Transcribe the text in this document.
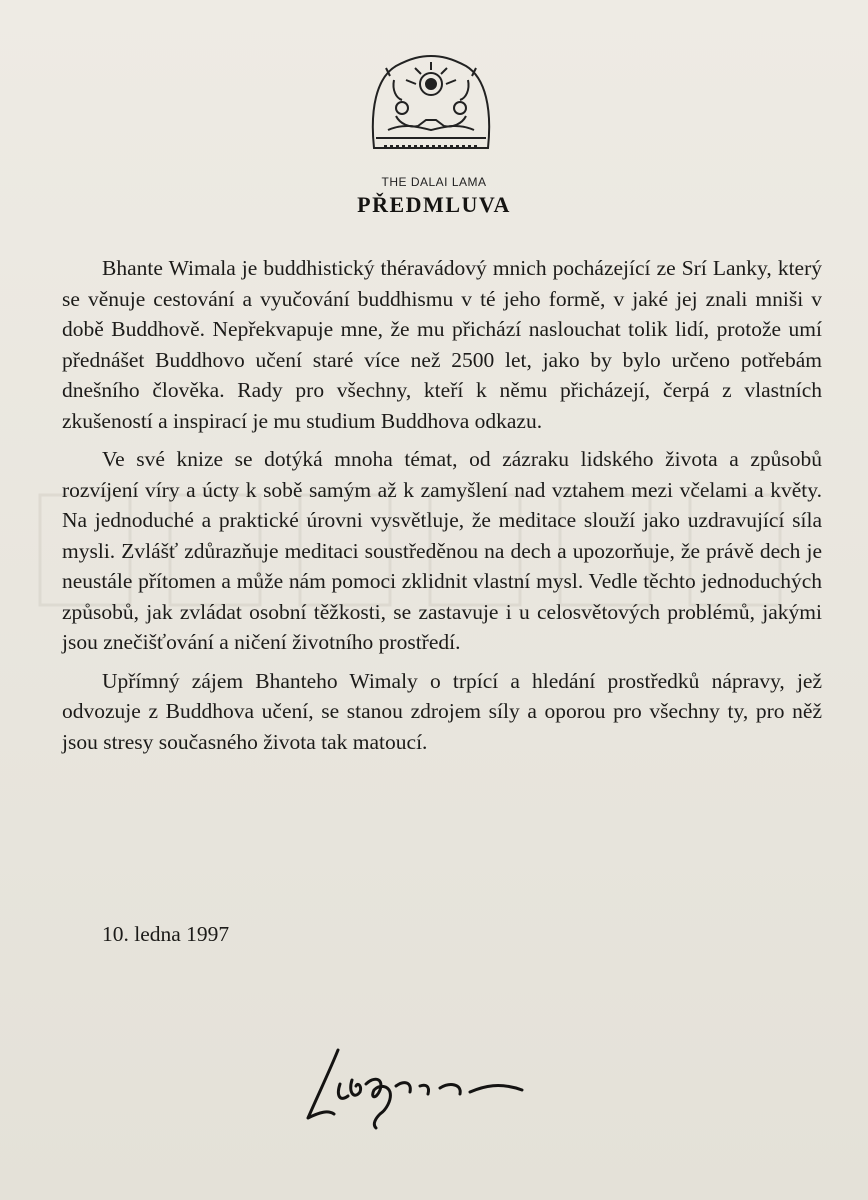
THE DALAI LAMA
PŘEDMLUVA

Bhante Wimala je buddhistický théravádový mnich pocházející ze Srí Lanky, který se věnuje cestování a vyučování buddhismu v té jeho formě, v jaké jej znali mniši v době Buddhově. Nepřekvapuje mne, že mu přichází naslouchat tolik lidí, protože umí přednášet Buddhovo učení staré více než 2500 let, jako by bylo určeno potřebám dnešního člověka. Rady pro všechny, kteří k němu přicházejí, čerpá z vlastních zkušeností a inspirací je mu studium Buddhova odkazu.

Ve své knize se dotýká mnoha témat, od zázraku lidského života a způsobů rozvíjení víry a úcty k sobě samým až k zamyšlení nad vztahem mezi včelami a květy. Na jednoduché a praktické úrovni vysvětluje, že meditace slouží jako uzdravující síla mysli. Zvlášť zdůrazňuje meditaci soustředěnou na dech a upozorňuje, že právě dech je neustále přítomen a může nám pomoci zklidnit vlastní mysl. Vedle těchto jednoduchých způsobů, jak zvládat osobní těžkosti, se zastavuje i u celosvětových problémů, jakými jsou znečišťování a ničení životního prostředí.

Upřímný zájem Bhanteho Wimaly o trpící a hledání prostředků nápravy, jež odvozuje z Buddhova učení, se stanou zdrojem síly a oporou pro všechny ty, pro něž jsou stresy současného života tak matoucí.

10. ledna 1997
